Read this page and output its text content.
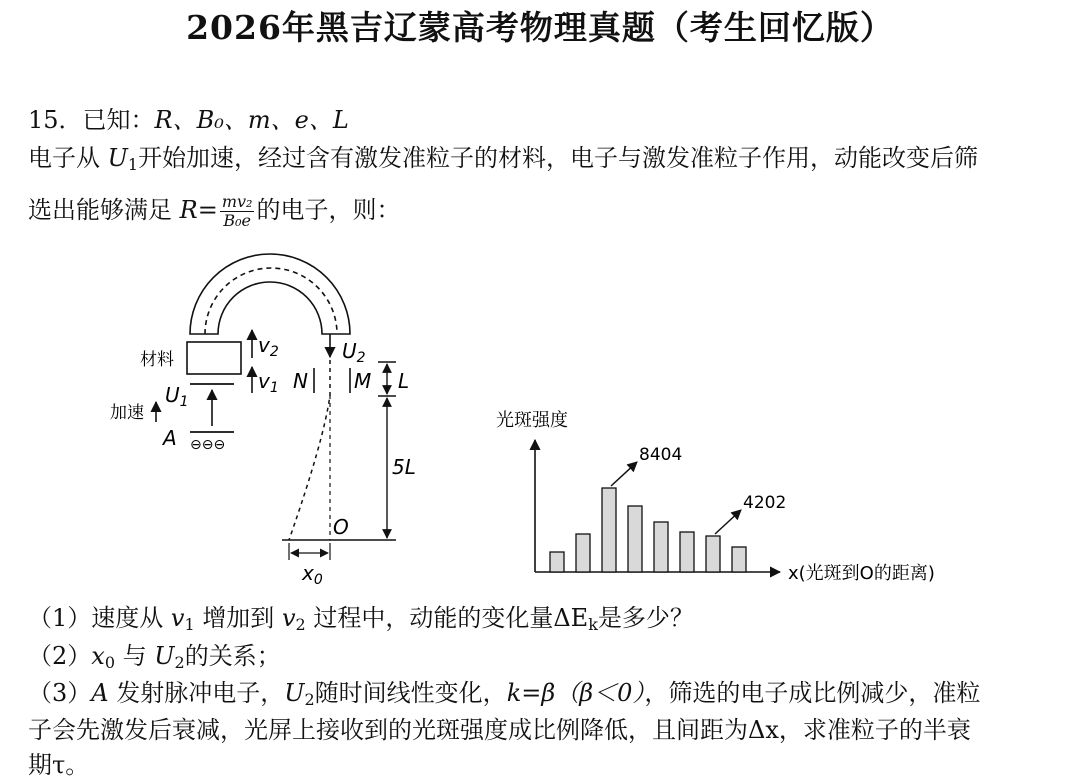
2026年黑吉辽蒙高考物理真题（考生回忆版）
15．已知：R、B₀、m、e、L
电子从 $U_1$开始加速，经过含有激发准粒子的材料，电子与激发准粒子作用，动能改变后筛
选出能够满足 $R= \frac{\text{mv₂}}{\text{B₀e}}$ 的电子，则：
材料
$v_2$
$v_1$
$U_1$
加速
A ⊖⊖⊖
$U_2$
N M L
5L
O
$x_0$
光斑强度
x(光斑到O的距离)
8404
4202
（1）速度从 $v_1$ 增加到 $v_2$ 过程中，动能的变化量$\Delta E_k$是多少？
$(2)x_0$ 与 $U_2$的关系；
（3）A 发射脉冲电子，$U_2$随时间线性变化，k=β（β＜0），筛选的电子成比例减少，准粒
子会先激发后衰减，光屏上接收到的光斑强度成比例降低，且间距为Δx，求准粒子的半衰
期τ。
